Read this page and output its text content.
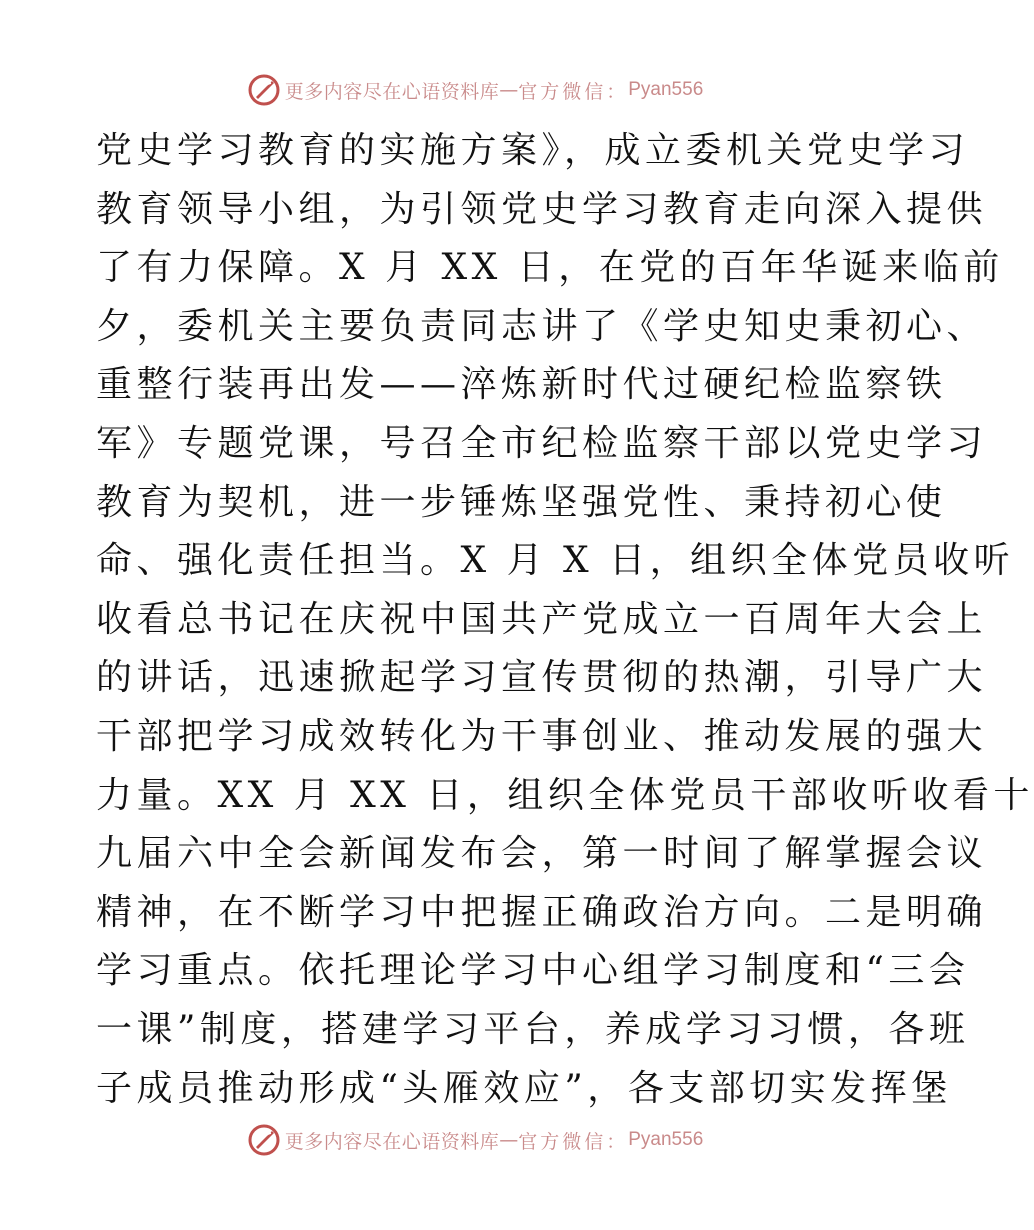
更多内容尽在心语资料库 — 官方微信： Pyan556
党史学习教育的实施方案》，成立委机关党史学习
教育领导小组，为引领党史学习教育走向深入提供
了有力保障。X 月 XX 日，在党的百年华诞来临前
夕，委机关主要负责同志讲了《学史知史秉初心、
重整行装再出发——淬炼新时代过硬纪检监察铁
军》专题党课，号召全市纪检监察干部以党史学习
教育为契机，进一步锤炼坚强党性、秉持初心使
命、强化责任担当。X 月 X 日，组织全体党员收听
收看总书记在庆祝中国共产党成立一百周年大会上
的讲话，迅速掀起学习宣传贯彻的热潮，引导广大
干部把学习成效转化为干事创业、推动发展的强大
力量。XX 月 XX 日，组织全体党员干部收听收看十
九届六中全会新闻发布会，第一时间了解掌握会议
精神，在不断学习中把握正确政治方向。二是明确
学习重点。依托理论学习中心组学习制度和“三会
一课”制度，搭建学习平台，养成学习习惯，各班
子成员推动形成“头雁效应”，各支部切实发挥堡
更多内容尽在心语资料库 — 官方微信： Pyan556
